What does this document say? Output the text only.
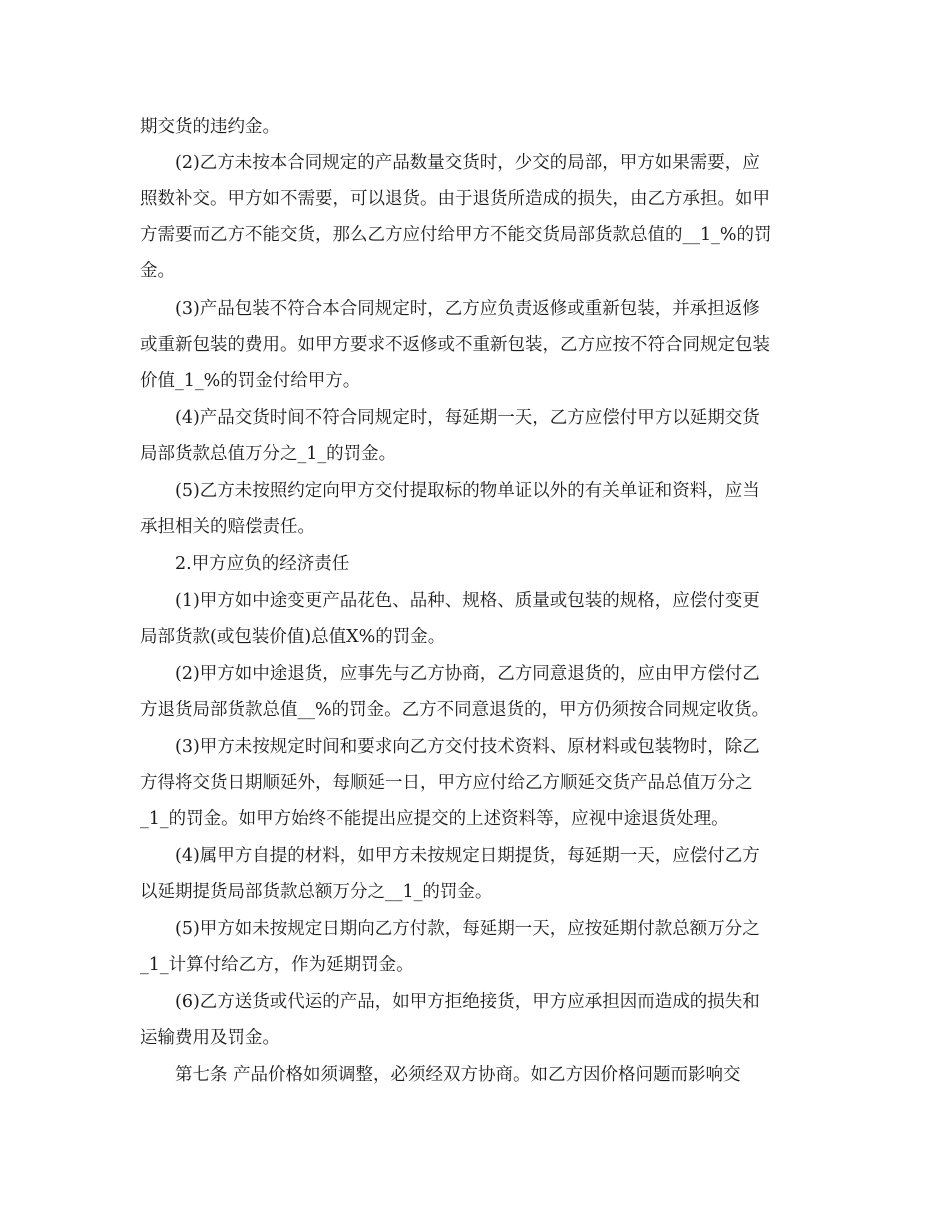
期交货的违约金。
(2)乙方未按本合同规定的产品数量交货时，少交的局部，甲方如果需要，应
照数补交。甲方如不需要，可以退货。由于退货所造成的损失，由乙方承担。如甲
方需要而乙方不能交货，那么乙方应付给甲方不能交货局部货款总值的__1_%的罚
金。
(3)产品包装不符合本合同规定时，乙方应负责返修或重新包装，并承担返修
或重新包装的费用。如甲方要求不返修或不重新包装，乙方应按不符合同规定包装
价值_1_%的罚金付给甲方。
(4)产品交货时间不符合同规定时，每延期一天，乙方应偿付甲方以延期交货
局部货款总值万分之_1_的罚金。
(5)乙方未按照约定向甲方交付提取标的物单证以外的有关单证和资料，应当
承担相关的赔偿责任。
2.甲方应负的经济责任
(1)甲方如中途变更产品花色、品种、规格、质量或包装的规格，应偿付变更
局部货款(或包装价值)总值X%的罚金。
(2)甲方如中途退货，应事先与乙方协商，乙方同意退货的，应由甲方偿付乙
方退货局部货款总值__%的罚金。乙方不同意退货的，甲方仍须按合同规定收货。
(3)甲方未按规定时间和要求向乙方交付技术资料、原材料或包装物时，除乙
方得将交货日期顺延外，每顺延一日，甲方应付给乙方顺延交货产品总值万分之
_1_的罚金。如甲方始终不能提出应提交的上述资料等，应视中途退货处理。
(4)属甲方自提的材料，如甲方未按规定日期提货，每延期一天，应偿付乙方
以延期提货局部货款总额万分之__1_的罚金。
(5)甲方如未按规定日期向乙方付款，每延期一天，应按延期付款总额万分之
_1_计算付给乙方，作为延期罚金。
(6)乙方送货或代运的产品，如甲方拒绝接货，甲方应承担因而造成的损失和
运输费用及罚金。
第七条 产品价格如须调整，必须经双方协商。如乙方因价格问题而影响交
